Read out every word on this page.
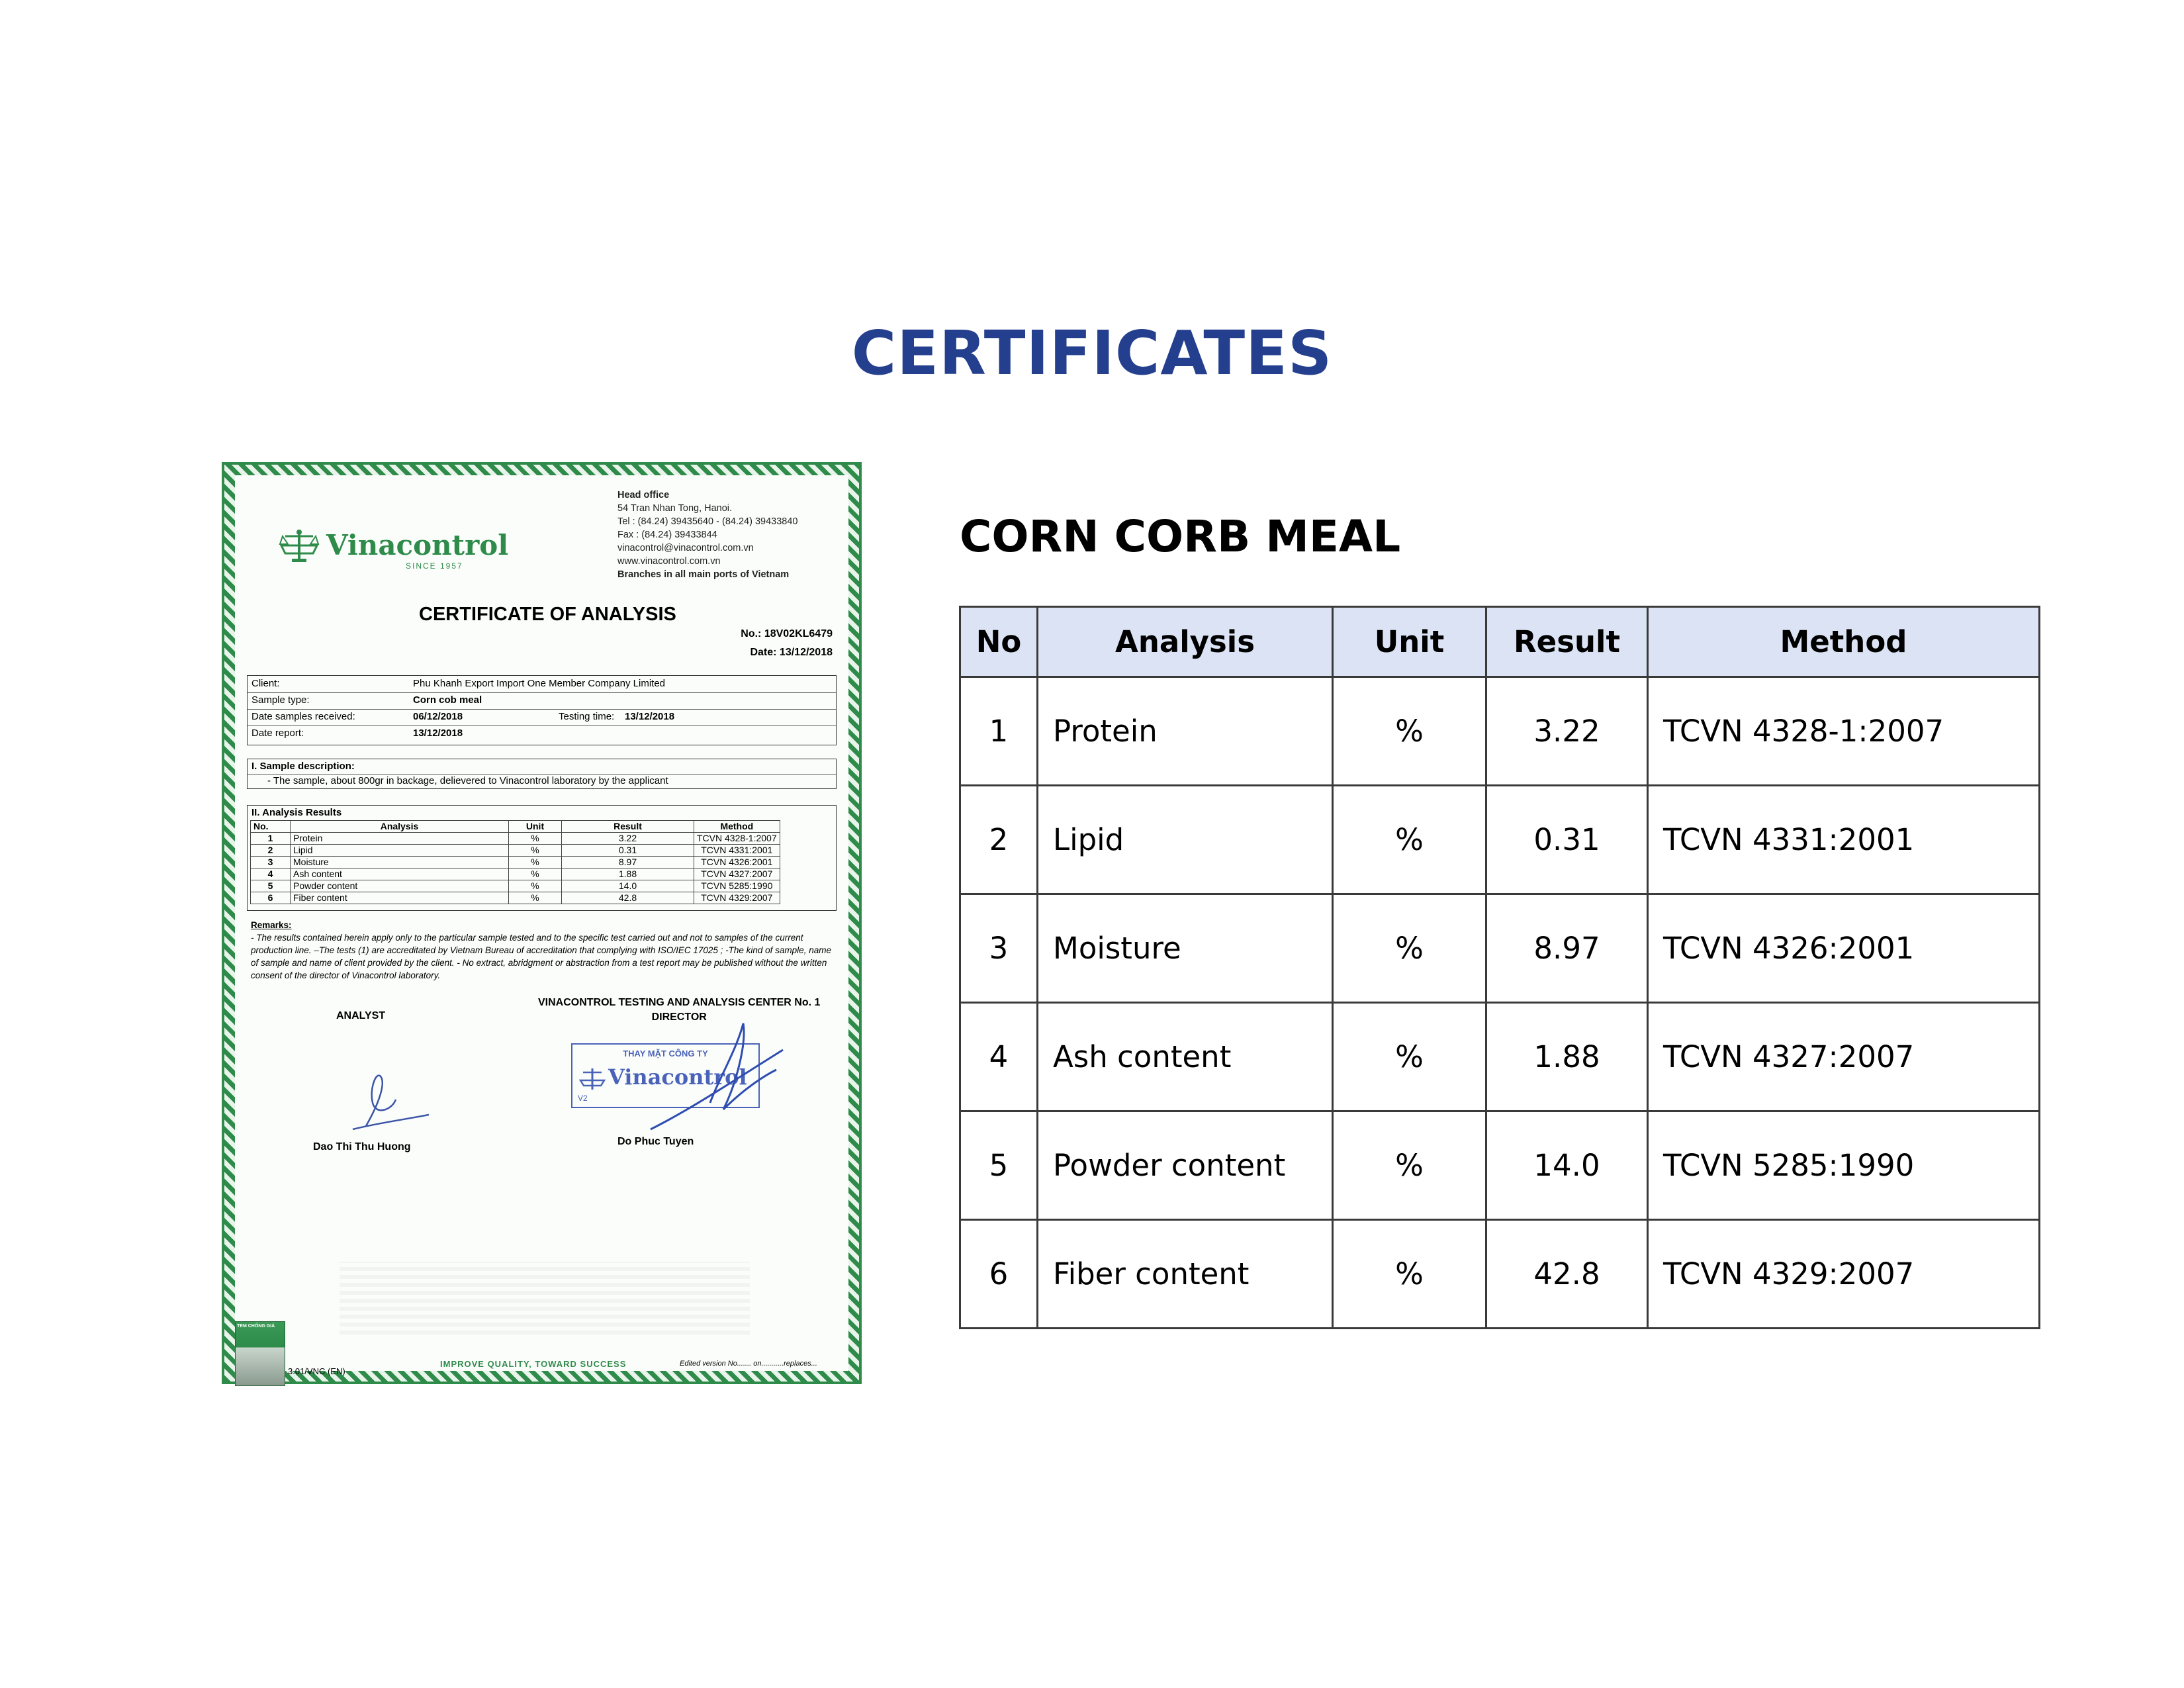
CERTIFICATES
Vinacontrol
SINCE 1957
Head office
54 Tran Nhan Tong, Hanoi.
Tel : (84.24) 39435640 - (84.24) 39433840
Fax : (84.24) 39433844
vinacontrol@vinacontrol.com.vn
www.vinacontrol.com.vn
Branches in all main ports of Vietnam
CERTIFICATE OF ANALYSIS
No.: 18V02KL6479
Date: 13/12/2018
Client:	Phu Khanh Export Import One Member Company Limited
Sample type:	Corn cob meal
Date samples received:	06/12/2018	Testing time: 13/12/2018
Date report:	13/12/2018
I. Sample description:
- The sample, about 800gr in backage, delievered to Vinacontrol laboratory by the applicant
II. Analysis Results
No.	Analysis	Unit	Result	Method
1	Protein	%	3.22	TCVN 4328-1:2007
2	Lipid	%	0.31	TCVN 4331:2001
3	Moisture	%	8.97	TCVN 4326:2001
4	Ash content	%	1.88	TCVN 4327:2007
5	Powder content	%	14.0	TCVN 5285:1990
6	Fiber content	%	42.8	TCVN 4329:2007
Remarks:
- The results contained herein apply only to the particular sample tested and to the specific test carried out and not to samples of the current production line. –The tests (1) are accreditated by Vietnam Bureau of accreditation that complying with ISO/IEC 17025 ; -The kind of sample, name of sample and name of client provided by the client. - No extract, abridgment or abstraction from a test report may be published without the written consent of the director of Vinacontrol laboratory.
VINACONTROL TESTING AND ANALYSIS CENTER No. 1
DIRECTOR
ANALYST
THAY MẶT CÔNG TY
Vinacontrol
V2
Dao Thi Thu Huong	Do Phuc Tuyen
TEM CHỐNG GIẢ
3.01/VNC (EN)
IMPROVE QUALITY, TOWARD SUCCESS	Edited version No....... on...........replaces...
CORN CORB MEAL
No	Analysis	Unit	Result	Method
1	Protein	%	3.22	TCVN 4328-1:2007
2	Lipid	%	0.31	TCVN 4331:2001
3	Moisture	%	8.97	TCVN 4326:2001
4	Ash content	%	1.88	TCVN 4327:2007
5	Powder content	%	14.0	TCVN 5285:1990
6	Fiber content	%	42.8	TCVN 4329:2007
